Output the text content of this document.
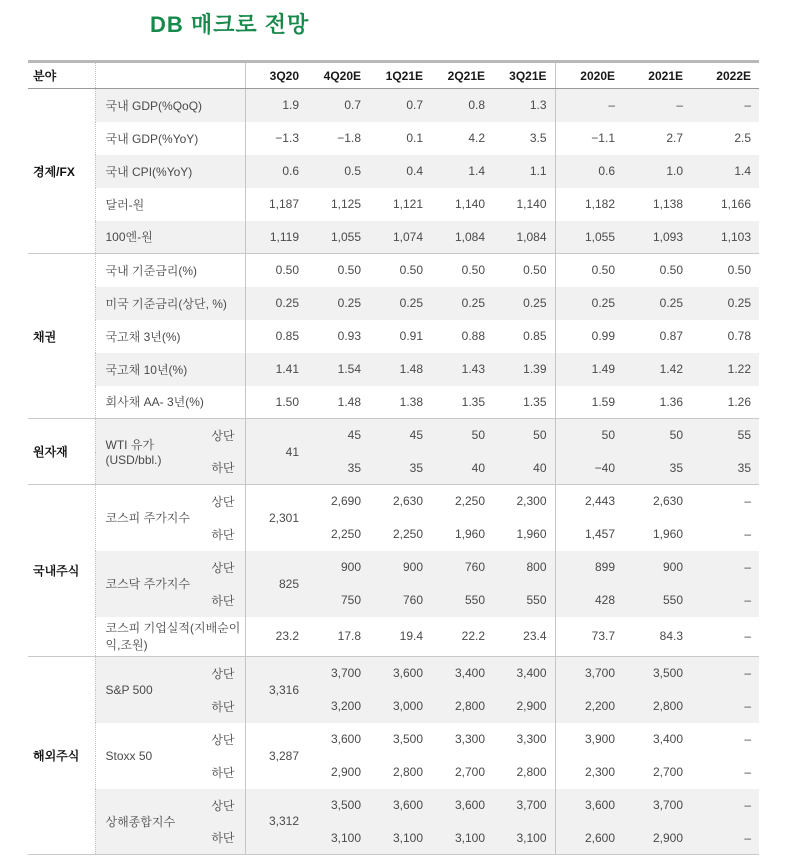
DB 매크로 전망
분야			3Q20	4Q20E	1Q21E	2Q21E	3Q21E	2020E	2021E	2022E
경제/FX	국내 GDP(%QoQ)		1.9	0.7	0.7	0.8	1.3	–	–	–
	국내 GDP(%YoY)		−1.3	−1.8	0.1	4.2	3.5	−1.1	2.7	2.5
	국내 CPI(%YoY)		0.6	0.5	0.4	1.4	1.1	0.6	1.0	1.4
	달러-원		1,187	1,125	1,121	1,140	1,140	1,182	1,138	1,166
	100엔-원		1,119	1,055	1,074	1,084	1,084	1,055	1,093	1,103
채권	국내 기준금리(%)		0.50	0.50	0.50	0.50	0.50	0.50	0.50	0.50
	미국 기준금리(상단, %)		0.25	0.25	0.25	0.25	0.25	0.25	0.25	0.25
	국고채 3년(%)		0.85	0.93	0.91	0.88	0.85	0.99	0.87	0.78
	국고채 10년(%)		1.41	1.54	1.48	1.43	1.39	1.49	1.42	1.22
	회사채 AA- 3년(%)		1.50	1.48	1.38	1.35	1.35	1.59	1.36	1.26
원자재	WTI 유가(USD/bbl.)	상단	41	45	45	50	50	50	50	55
		하단		35	35	40	40	−40	35	35
국내주식	코스피 주가지수	상단	2,301	2,690	2,630	2,250	2,300	2,443	2,630	–
		하단		2,250	2,250	1,960	1,960	1,457	1,960	–
	코스닥 주가지수	상단	825	900	900	760	800	899	900	–
		하단		750	760	550	550	428	550	–
	코스피 기업실적(지배순이익,조원)		23.2	17.8	19.4	22.2	23.4	73.7	84.3	–
해외주식	S&P 500	상단	3,316	3,700	3,600	3,400	3,400	3,700	3,500	–
		하단		3,200	3,000	2,800	2,900	2,200	2,800	–
	Stoxx 50	상단	3,287	3,600	3,500	3,300	3,300	3,900	3,400	–
		하단		2,900	2,800	2,700	2,800	2,300	2,700	–
	상해종합지수	상단	3,312	3,500	3,600	3,600	3,700	3,600	3,700	–
		하단		3,100	3,100	3,100	3,100	2,600	2,900	–
